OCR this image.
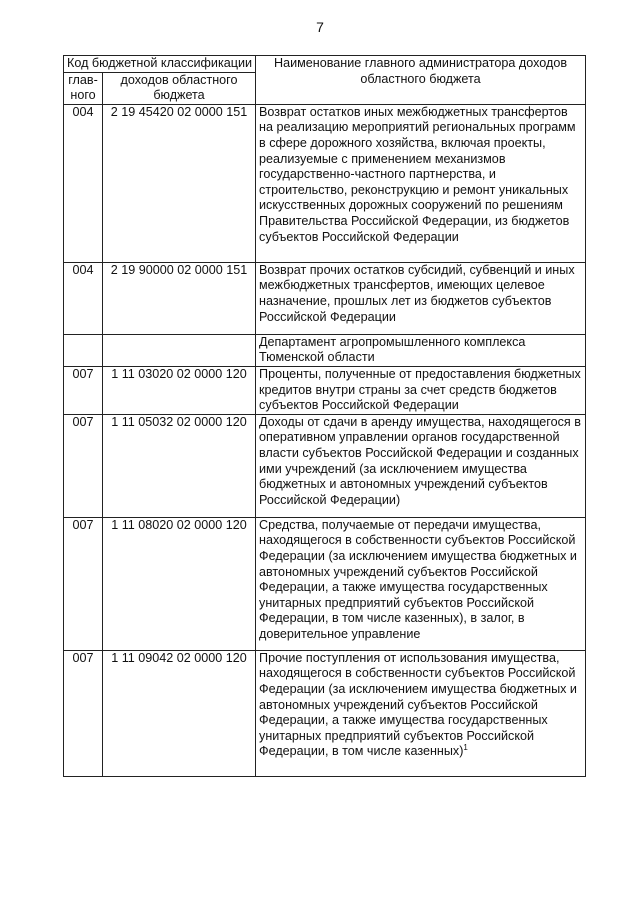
7
Код бюджетной классификации		Наименование главного администратора доходов областного бюджета
глав-
ного	доходов областного бюджета	
004	2 19 45420 02 0000 151	Возврат остатков иных межбюджетных трансфертов на реализацию мероприятий региональных программ в сфере дорожного хозяйства, включая проекты, реализуемые с применением механизмов государственно-частного партнерства, и строительство, реконструкцию и ремонт уникальных искусственных дорожных сооружений по решениям Правительства Российской Федерации, из бюджетов субъектов Российской Федерации
004	2 19 90000 02 0000 151	Возврат прочих остатков субсидий, субвенций и иных межбюджетных трансфертов, имеющих целевое назначение, прошлых лет из бюджетов субъектов Российской Федерации
		Департамент агропромышленного комплекса Тюменской области
007	1 11 03020 02 0000 120	Проценты, полученные от предоставления бюджетных кредитов внутри страны за счет средств бюджетов субъектов Российской Федерации
007	1 11 05032 02 0000 120	Доходы от сдачи в аренду имущества, находящегося в оперативном управлении органов государственной власти субъектов Российской Федерации и созданных ими учреждений (за исключением имущества бюджетных и автономных учреждений субъектов Российской Федерации)
007	1 11 08020 02 0000 120	Средства, получаемые от передачи имущества, находящегося в собственности субъектов Российской Федерации (за исключением имущества бюджетных и автономных учреждений субъектов Российской Федерации, а также имущества государственных унитарных предприятий субъектов Российской Федерации, в том числе казенных), в залог, в доверительное управление
007	1 11 09042 02 0000 120	Прочие поступления от использования имущества, находящегося в собственности субъектов Российской Федерации (за исключением имущества бюджетных и автономных учреждений субъектов Российской Федерации, а также имущества государственных унитарных предприятий субъектов Российской Федерации, в том числе казенных)$^1$
